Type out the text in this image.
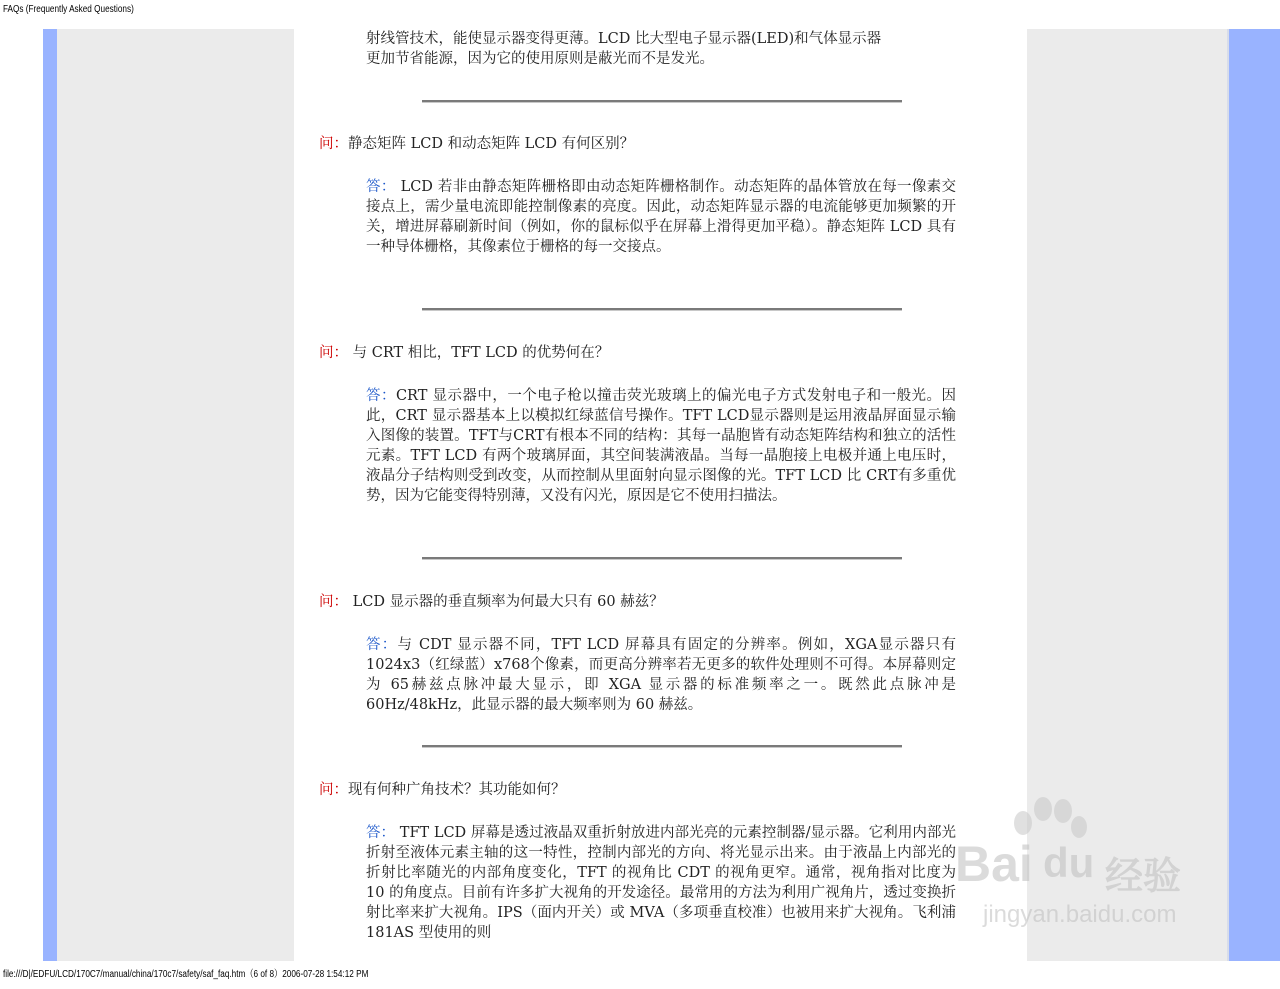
FAQs (Frequently Asked Questions)
射线管技术，能使显示器变得更薄。LCD 比大型电子显示器(LED)和气体显示器
更加节省能源，因为它的使用原则是蔽光而不是发光。
问：静态矩阵 LCD 和动态矩阵 LCD 有何区别？
答： LCD 若非由静态矩阵栅格即由动态矩阵栅格制作。动态矩阵的晶体管放在每一像素交接点上，需少量电流即能控制像素的亮度。因此，动态矩阵显示器的电流能够更加频繁的开关，增进屏幕刷新时间（例如，你的鼠标似乎在屏幕上滑得更加平稳）。静态矩阵 LCD 具有一种导体栅格，其像素位于栅格的每一交接点。
问： 与 CRT 相比，TFT LCD 的优势何在？
答：CRT 显示器中，一个电子枪以撞击荧光玻璃上的偏光电子方式发射电子和一般光。因此，CRT 显示器基本上以模拟红绿蓝信号操作。TFT LCD显示器则是运用液晶屏面显示输入图像的装置。TFT与CRT有根本不同的结构：其每一晶胞皆有动态矩阵结构和独立的活性元素。TFT LCD 有两个玻璃屏面，其空间装满液晶。当每一晶胞接上电极并通上电压时，液晶分子结构则受到改变，从而控制从里面射向显示图像的光。TFT LCD 比 CRT有多重优势，因为它能变得特别薄，又没有闪光，原因是它不使用扫描法。
问： LCD 显示器的垂直频率为何最大只有 60 赫兹？
答：与 CDT 显示器不同，TFT LCD 屏幕具有固定的分辨率。例如，XGA显示器只有1024x3（红绿蓝）x768个像素，而更高分辨率若无更多的软件处理则不可得。本屏幕则定为 65赫兹点脉冲最大显示，即 XGA 显示器的标准频率之一。既然此点脉冲是 60Hz/48kHz，此显示器的最大频率则为 60 赫兹。
问：现有何种广角技术？其功能如何？
答： TFT LCD 屏幕是透过液晶双重折射放进内部光亮的元素控制器/显示器。它利用内部光折射至液体元素主轴的这一特性，控制内部光的方向、将光显示出来。由于液晶上内部光的折射比率随光的内部角度变化，TFT 的视角比 CDT 的视角更窄。通常，视角指对比度为 10 的角度点。目前有许多扩大视角的开发途径。最常用的方法为利用广视角片，透过变换折射比率来扩大视角。IPS（面内开关）或 MVA（多项垂直校准）也被用来扩大视角。飞利浦 181AS 型使用的则
Bai du 经验
jingyan.baidu.com
file:///D|/EDFU/LCD/170C7/manual/china/170c7/safety/saf_faq.htm（6 of 8）2006-07-28 1:54:12 PM
